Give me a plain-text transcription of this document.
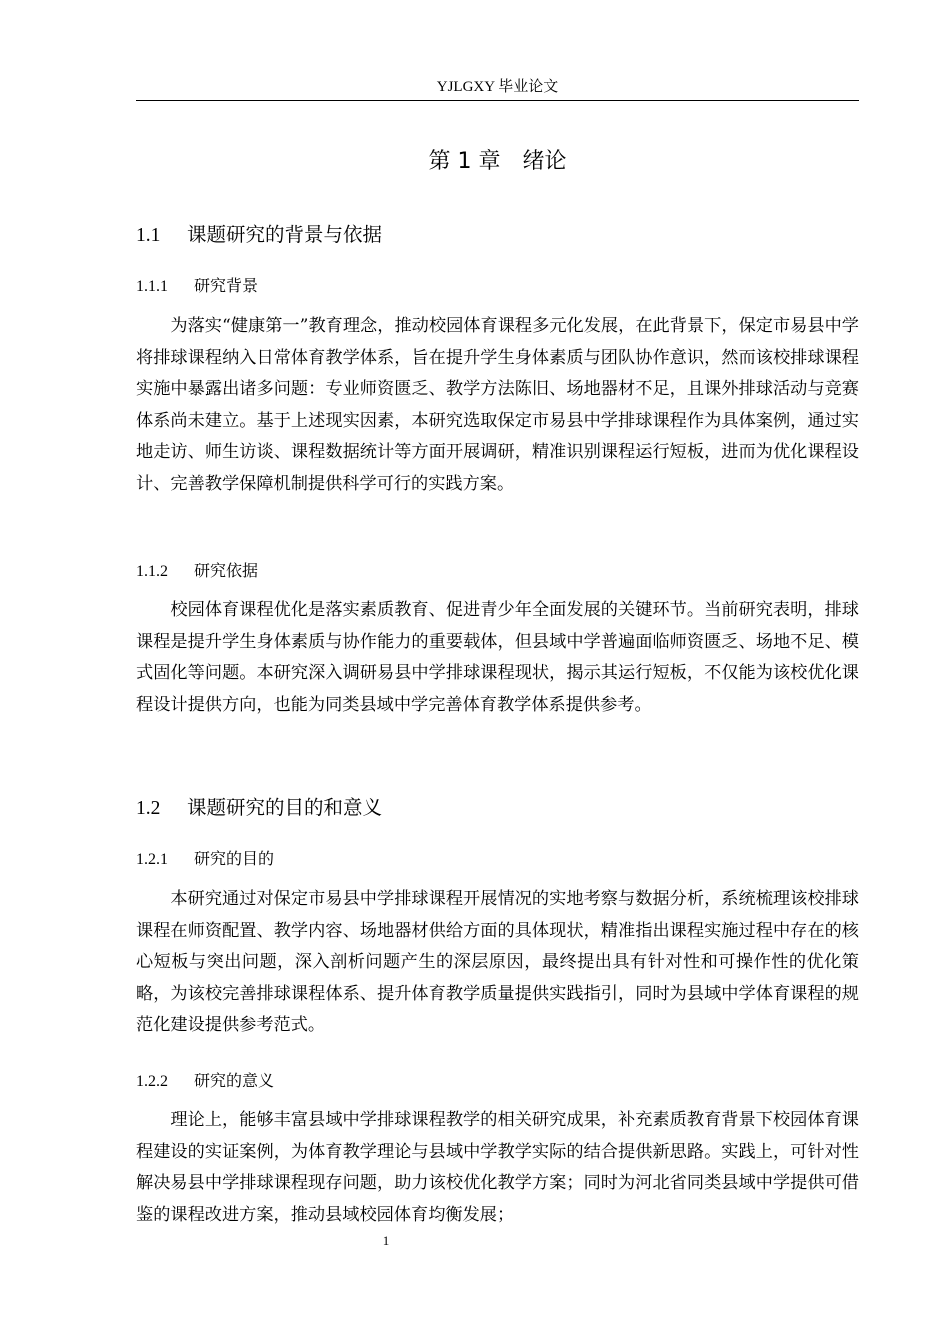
YJLGXY 毕业论文
第 1 章 绪论
1.1 课题研究的背景与依据
1.1.1 研究背景

为落实“健康第一”教育理念，推动校园体育课程多元化发展，在此背景下，保定市易县中学将排球课程纳入日常体育教学体系，旨在提升学生身体素质与团队协作意识，然而该校排球课程实施中暴露出诸多问题：专业师资匮乏、教学方法陈旧、场地器材不足，且课外排球活动与竞赛体系尚未建立。基于上述现实因素，本研究选取保定市易县中学排球课程作为具体案例，通过实地走访、师生访谈、课程数据统计等方面开展调研，精准识别课程运行短板，进而为优化课程设计、完善教学保障机制提供科学可行的实践方案。

1.1.2 研究依据

校园体育课程优化是落实素质教育、促进青少年全面发展的关键环节。当前研究表明，排球课程是提升学生身体素质与协作能力的重要载体，但县域中学普遍面临师资匮乏、场地不足、模式固化等问题。本研究深入调研易县中学排球课程现状，揭示其运行短板，不仅能为该校优化课程设计提供方向，也能为同类县域中学完善体育教学体系提供参考。

1.2 课题研究的目的和意义
1.2.1 研究的目的

本研究通过对保定市易县中学排球课程开展情况的实地考察与数据分析，系统梳理该校排球课程在师资配置、教学内容、场地器材供给方面的具体现状，精准指出课程实施过程中存在的核心短板与突出问题，深入剖析问题产生的深层原因，最终提出具有针对性和可操作性的优化策略，为该校完善排球课程体系、提升体育教学质量提供实践指引，同时为县域中学体育课程的规范化建设提供参考范式。

1.2.2 研究的意义

理论上，能够丰富县域中学排球课程教学的相关研究成果，补充素质教育背景下校园体育课程建设的实证案例，为体育教学理论与县域中学教学实际的结合提供新思路。实践上，可针对性解决易县中学排球课程现存问题，助力该校优化教学方案；同时为河北省同类县域中学提供可借鉴的课程改进方案，推动县域校园体育均衡发展；

1
